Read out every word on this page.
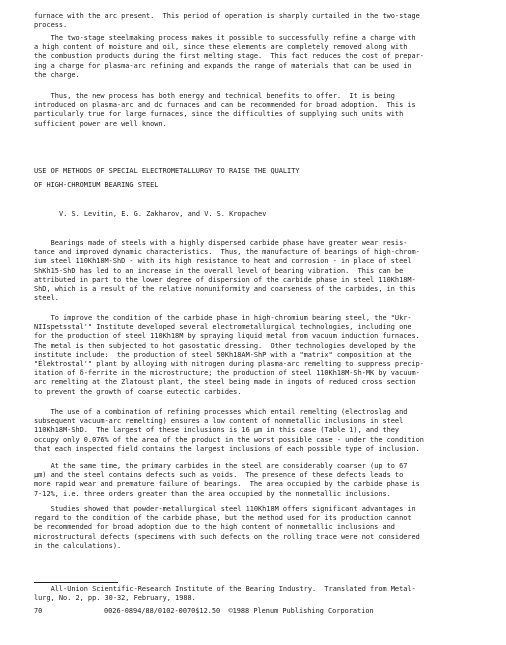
furnace with the arc present.  This period of operation is sharply curtailed in the two-stage
process.

The two-stage steelmaking process makes it possible to successfully refine a charge with
a high content of moisture and oil, since these elements are completely removed along with
the combustion products during the first melting stage.  This fact reduces the cost of prepar-
ing a charge for plasma-arc refining and expands the range of materials that can be used in
the charge.

Thus, the new process has both energy and technical benefits to offer.  It is being
introduced on plasma-arc and dc furnaces and can be recommended for broad adoption.  This is
particularly true for large furnaces, since the difficulties of supplying such units with
sufficient power are well known.

USE OF METHODS OF SPECIAL ELECTROMETALLURGY TO RAISE THE QUALITY

OF HIGH-CHROMIUM BEARING STEEL

V. S. Levitin, E. G. Zakharov, and V. S. Kropachev

Bearings made of steels with a highly dispersed carbide phase have greater wear resis-
tance and improved dynamic characteristics.  Thus, the manufacture of bearings of high-chrom-
ium steel 110Kh18M-ShD - with its high resistance to heat and corrosion - in place of steel
ShKh15-ShD has led to an increase in the overall level of bearing vibration.  This can be
attributed in part to the lower degree of dispersion of the carbide phase in steel 110Kh18M-
ShD, which is a result of the relative nonuniformity and coarseness of the carbides, in this
steel.

To improve the condition of the carbide phase in high-chromium bearing steel, the "Ukr-
NIIspetsstal'" Institute developed several electrometallurgical technologies, including one
for the production of steel 110Kh18M by spraying liquid metal from vacuum induction furnaces.
The metal is then subjected to hot gasostatic dressing.  Other technologies developed by the
institute include:  the production of steel 50Kh18AM-ShP with a "matrix" composition at the
"Élektrostal'" plant by alloying with nitrogen during plasma-arc remelting to suppress precip-
itation of δ-ferrite in the microstructure; the production of steel 110Kh18M-Sh-MK by vacuum-
arc remelting at the Zlatoust plant, the steel being made in ingots of reduced cross section
to prevent the growth of coarse eutectic carbides.

The use of a combination of refining processes which entail remelting (electroslag and
subsequent vacuum-arc remelting) ensures a low content of nonmetallic inclusions in steel
110Kh18M-ShD.  The largest of these inclusions is 16 μm in this case (Table 1), and they
occupy only 0.076% of the area of the product in the worst possible case - under the condition
that each inspected field contains the largest inclusions of each possible type of inclusion.

At the same time, the primary carbides in the steel are considerably coarser (up to 67
μm) and the steel contains defects such as voids.  The presence of these defects leads to
more rapid wear and premature failure of bearings.  The area occupied by the carbide phase is
7-12%, i.e. three orders greater than the area occupied by the nonmetallic inclusions.

Studies showed that powder-metallurgical steel 110Kh18M offers significant advantages in
regard to the condition of the carbide phase, but the method used for its production cannot
be recommended for broad adoption due to the high content of nonmetallic inclusions and
microstructural defects (specimens with such defects on the rolling trace were not considered
in the calculations).

All-Union Scientific-Research Institute of the Bearing Industry.  Translated from Metal-
lurg, No. 2, pp. 30-32, February, 1988.

70	0026-0894/88/0102-0070$12.50  ©1988 Plenum Publishing Corporation
